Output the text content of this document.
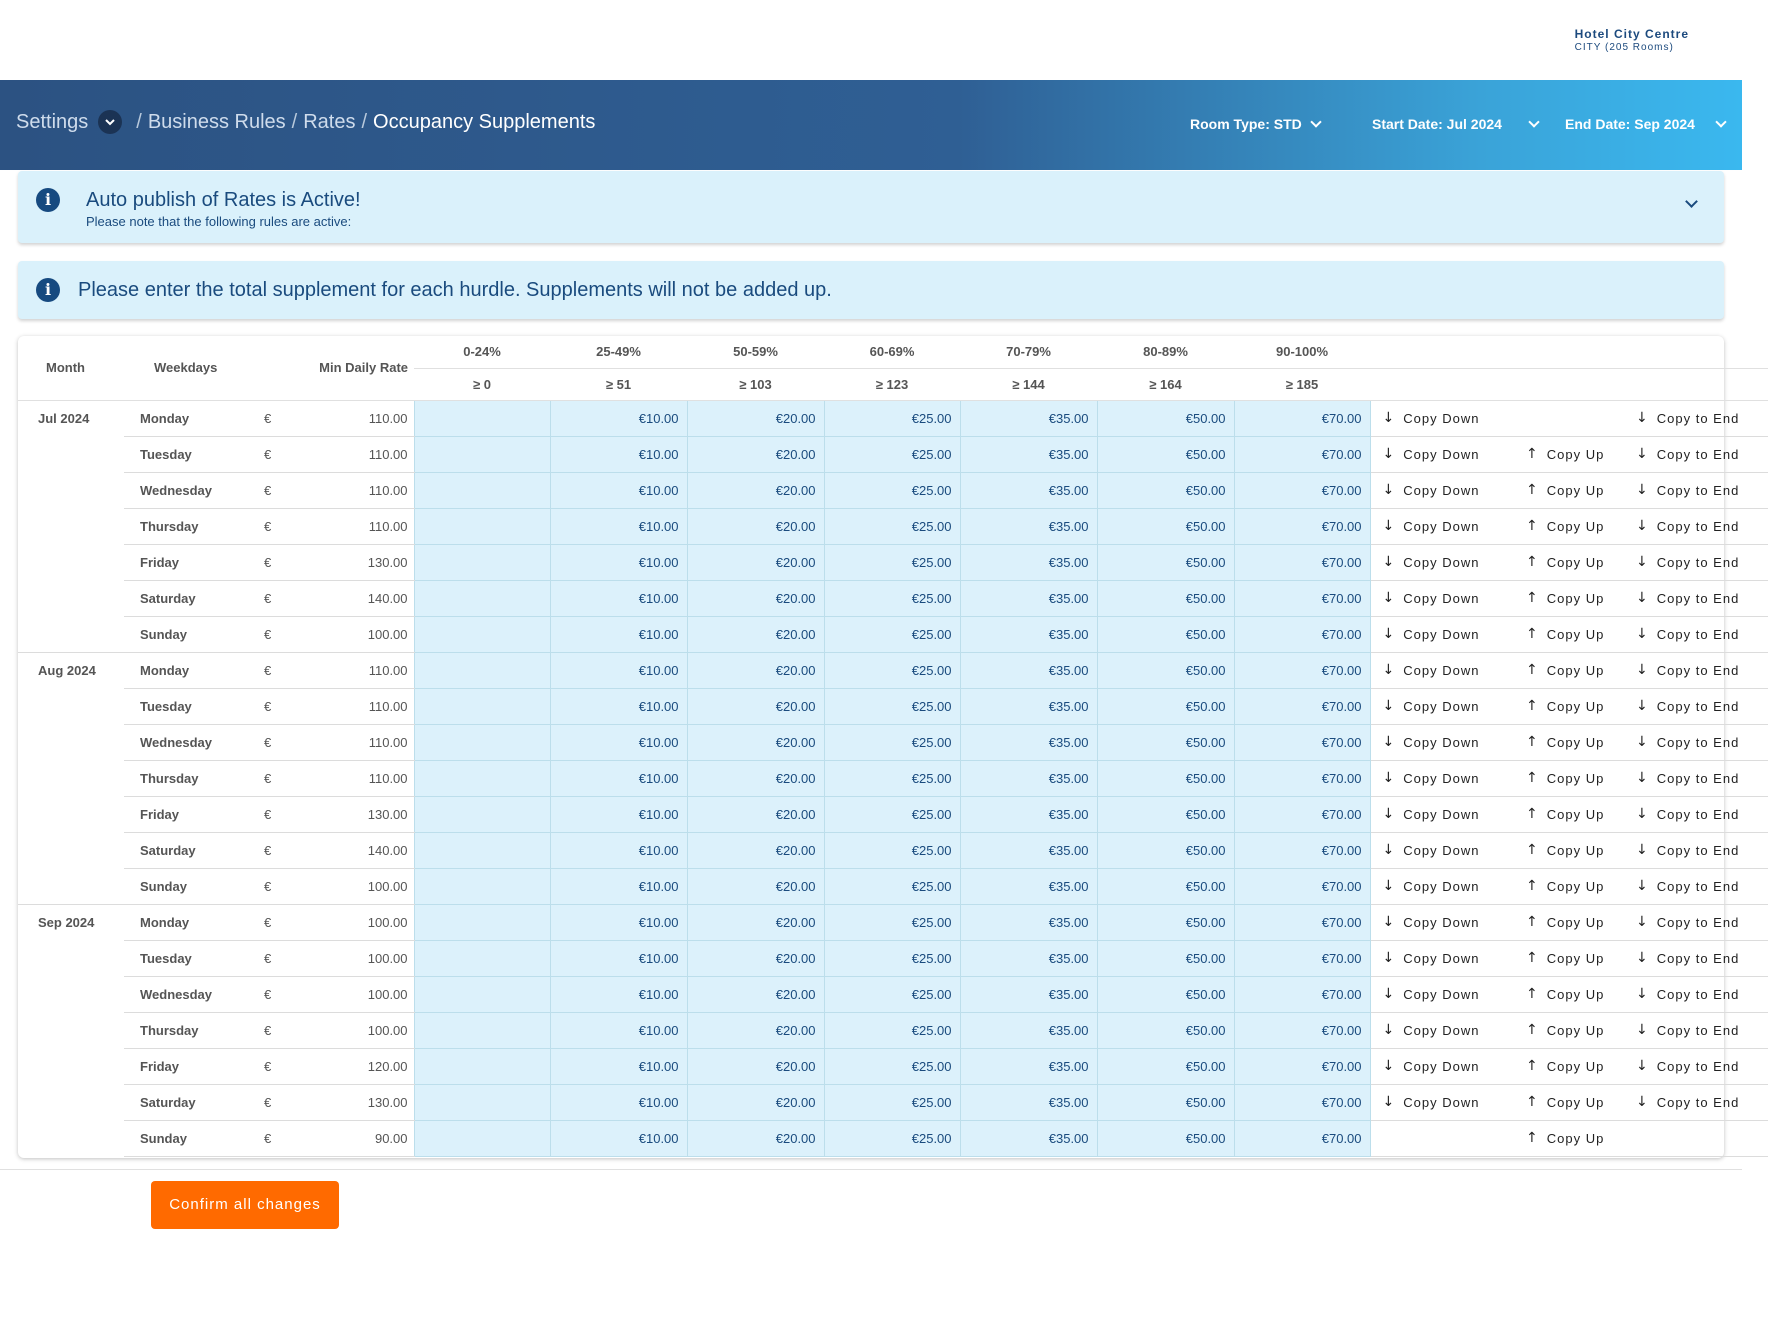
Hotel City Centre
CITY (205 Rooms)
Settings / Business Rules / Rates / Occupancy Supplements	Room Type: STD	Start Date: Jul 2024	End Date: Sep 2024
i	Auto publish of Rates is Active!
Please note that the following rules are active:
i	Please enter the total supplement for each hurdle. Supplements will not be added up.
Month	Weekdays	Min Daily Rate		0-24%	25-49%	50-59%	60-69%	70-79%	80-89%	90-100%			
				≥ 0	≥ 51	≥ 103	≥ 123	≥ 144	≥ 164	≥ 185			
Jul 2024	Monday	€	110.00		€10.00	€20.00	€25.00	€35.00	€50.00	€70.00	↓ Copy Down		↓ Copy to End

	Tuesday	€	110.00		€10.00	€20.00	€25.00	€35.00	€50.00	€70.00	↓ Copy Down	↑ Copy Up	↓ Copy to End

	Wednesday	€	110.00		€10.00	€20.00	€25.00	€35.00	€50.00	€70.00	↓ Copy Down	↑ Copy Up	↓ Copy to End

	Thursday	€	110.00		€10.00	€20.00	€25.00	€35.00	€50.00	€70.00	↓ Copy Down	↑ Copy Up	↓ Copy to End

	Friday	€	130.00		€10.00	€20.00	€25.00	€35.00	€50.00	€70.00	↓ Copy Down	↑ Copy Up	↓ Copy to End

	Saturday	€	140.00		€10.00	€20.00	€25.00	€35.00	€50.00	€70.00	↓ Copy Down	↑ Copy Up	↓ Copy to End

	Sunday	€	100.00		€10.00	€20.00	€25.00	€35.00	€50.00	€70.00	↓ Copy Down	↑ Copy Up	↓ Copy to End

Aug 2024	Monday	€	110.00		€10.00	€20.00	€25.00	€35.00	€50.00	€70.00	↓ Copy Down	↑ Copy Up	↓ Copy to End

	Tuesday	€	110.00		€10.00	€20.00	€25.00	€35.00	€50.00	€70.00	↓ Copy Down	↑ Copy Up	↓ Copy to End

	Wednesday	€	110.00		€10.00	€20.00	€25.00	€35.00	€50.00	€70.00	↓ Copy Down	↑ Copy Up	↓ Copy to End

	Thursday	€	110.00		€10.00	€20.00	€25.00	€35.00	€50.00	€70.00	↓ Copy Down	↑ Copy Up	↓ Copy to End

	Friday	€	130.00		€10.00	€20.00	€25.00	€35.00	€50.00	€70.00	↓ Copy Down	↑ Copy Up	↓ Copy to End

	Saturday	€	140.00		€10.00	€20.00	€25.00	€35.00	€50.00	€70.00	↓ Copy Down	↑ Copy Up	↓ Copy to End

	Sunday	€	100.00		€10.00	€20.00	€25.00	€35.00	€50.00	€70.00	↓ Copy Down	↑ Copy Up	↓ Copy to End

Sep 2024	Monday	€	100.00		€10.00	€20.00	€25.00	€35.00	€50.00	€70.00	↓ Copy Down	↑ Copy Up	↓ Copy to End

	Tuesday	€	100.00		€10.00	€20.00	€25.00	€35.00	€50.00	€70.00	↓ Copy Down	↑ Copy Up	↓ Copy to End

	Wednesday	€	100.00		€10.00	€20.00	€25.00	€35.00	€50.00	€70.00	↓ Copy Down	↑ Copy Up	↓ Copy to End

	Thursday	€	100.00		€10.00	€20.00	€25.00	€35.00	€50.00	€70.00	↓ Copy Down	↑ Copy Up	↓ Copy to End

	Friday	€	120.00		€10.00	€20.00	€25.00	€35.00	€50.00	€70.00	↓ Copy Down	↑ Copy Up	↓ Copy to End

	Saturday	€	130.00		€10.00	€20.00	€25.00	€35.00	€50.00	€70.00	↓ Copy Down	↑ Copy Up	↓ Copy to End

	Sunday	€	90.00		€10.00	€20.00	€25.00	€35.00	€50.00	€70.00		↑ Copy Up	

Confirm all changes
